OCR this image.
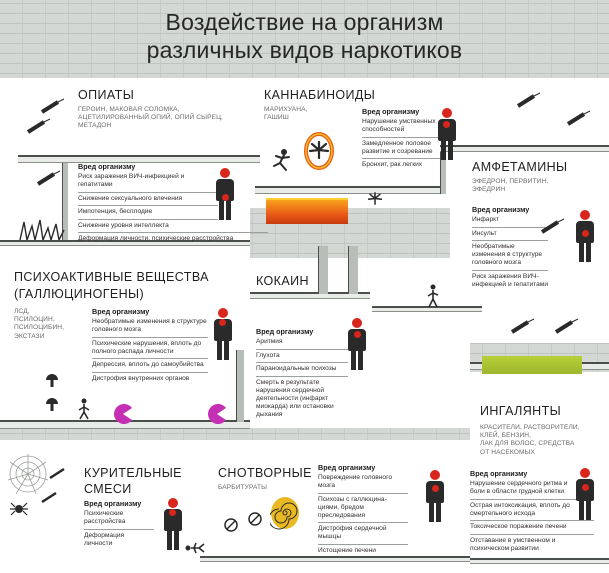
Воздействие на организм
различных видов наркотиков
ОПИАТЫ
ГЕРОИН, МАКОВАЯ СОЛОМКА,
АЦЕТИЛИРОВАННЫЙ ОПИЙ, ОПИЙ СЫРЕЦ,
МЕТАДОН
Вред организму
Риск заражения ВИЧ-инфекцией и гепатитами
Снижение сексуального влечения
Импотенция, бесплодие
Снижение уровня интеллекта
Деформация личности, психические расстройства
КАННАБИНОИДЫ
МАРИХУАНА,
ГАШИШ
Вред организму
Нарушение умственных способностей
Замедленное половое развитие и созревание
Бронхит, рак легких	АМФЕТАМИНЫ
ЭФЕДРОН, ПЕРВИТИН,
ЭФЕДРИН
Вред организму
Инфаркт
Инсульт
Необратимые изменения в структуре головного мозга
Риск заражения ВИЧ- инфекцией и гепатитами
ПСИХОАКТИВНЫЕ ВЕЩЕСТВА
(ГАЛЛЮЦИНОГЕНЫ)
ЛСД,
ПСИЛОЦИН,
ПСИЛОЦИБИН,
ЭКСТАЗИ
Вред организму
Необратимые изменения в структуре головного мозга
Психические нарушения, вплоть до полного распада личности
Депрессия, вплоть до самоубийства
Дистрофия внутренних органов
КОКАИН
Вред организму
Аритмия
Глухота
Параноидальные психозы
Смерть в результате нарушения сердечной деятельности (инфаркт миокарда) или остановки дыхания	ИНГАЛЯНТЫ
КРАСИТЕЛИ, РАСТВОРИТЕЛИ,
КЛЕЙ, БЕНЗИН,
ЛАК ДЛЯ ВОЛОС, СРЕДСТВА
ОТ НАСЕКОМЫХ
Вред организму
Нарушение сердечного ритма и боли в области грудной клетки
Острая интоксикация, вплоть до смертельного исхода
Токсическое поражение печени
Отставание в умственном и психическом развитии
КУРИТЕЛЬНЫЕ
СМЕСИ
Вред организму
Психические расстройства
Деформация личности
СНОТВОРНЫЕ
БАРБИТУРАТЫ
Вред организму
Повреждение головного мозга
Психозы с галлюцина- циями, бредом преследования
Дистрофия сердечной мышцы
Истощение печени
